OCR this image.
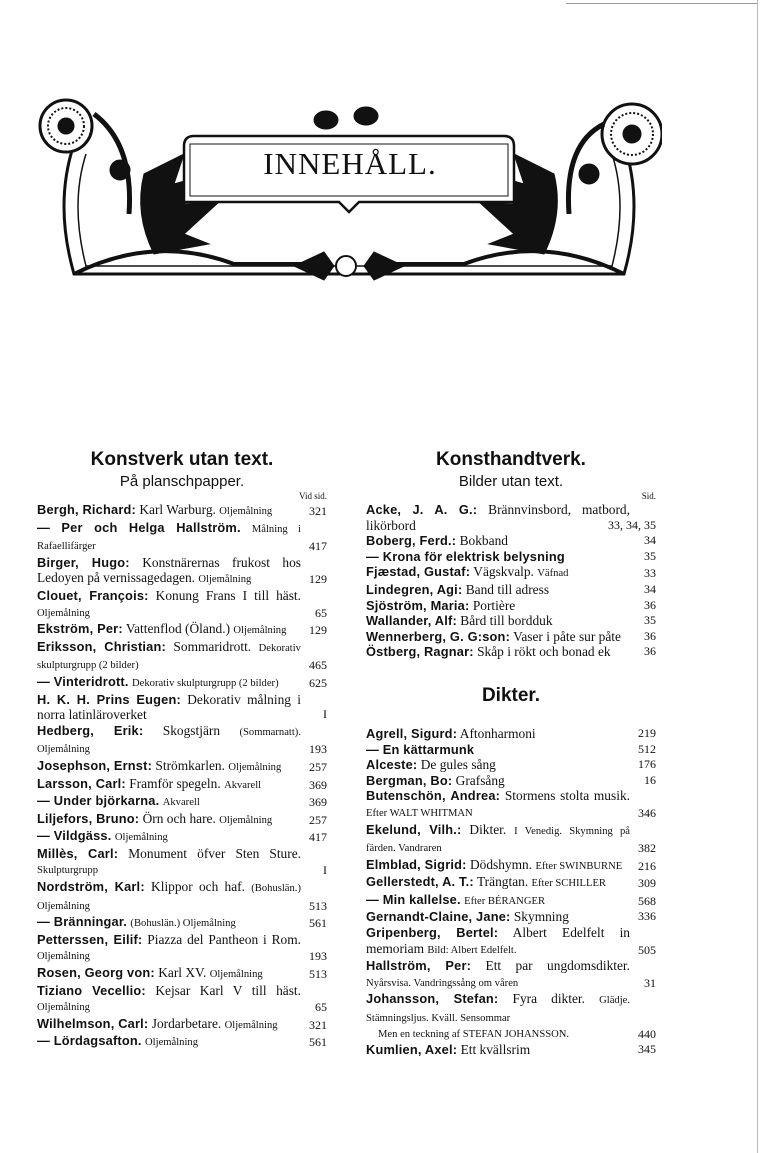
INNEHÅLL.
Konstverk utan text.

På planschpapper.

Vid sid.
Bergh, Richard: Karl Warburg. Oljemålning	321
— Per och Helga Hallström. Målning i Rafaellifärger	417
Birger, Hugo: Konstnärernas frukost hos Ledoyen på vernissagedagen. Oljemålning	129
Clouet, François: Konung Frans I till häst. Oljemålning	65
Ekström, Per: Vattenflod (Öland.) Oljemålning	129
Eriksson, Christian: Sommaridrott. Dekorativ skulpturgrupp (2 bilder)	465
— Vinteridrott. Dekorativ skulpturgrupp (2 bilder)	625
H. K. H. Prins Eugen: Dekorativ målning i norra latinläroverket	I
Hedberg, Erik: Skogstjärn (Sommarnatt). Oljemålning	193
Josephson, Ernst: Strömkarlen. Oljemålning	257
Larsson, Carl: Framför spegeln. Akvarell	369
— Under björkarna. Akvarell	369
Liljefors, Bruno: Örn och hare. Oljemålning	257
— Vildgäss. Oljemålning	417
Millès, Carl: Monument öfver Sten Sture. Skulpturgrupp	I
Nordström, Karl: Klippor och haf. (Bohuslän.) Oljemålning	513
— Bränningar. (Bohuslän.) Oljemålning	561
Petterssen, Eilif: Piazza del Pantheon i Rom. Oljemålning	193
Rosen, Georg von: Karl XV. Oljemålning	513
Tiziano Vecellio: Kejsar Karl V till häst. Oljemålning	65
Wilhelmson, Carl: Jordarbetare. Oljemålning	321
— Lördagsafton. Oljemålning	561
Konsthandtverk.

Bilder utan text.

Sid.
Acke, J. A. G.: Brännvinsbord, matbord, likörbord	33, 34, 35
Boberg, Ferd.: Bokband	34
— Krona för elektrisk belysning	35
Fjæstad, Gustaf: Vägskvalp. Väfnad	33
Lindegren, Agi: Band till adress	34
Sjöström, Maria: Portière	36
Wallander, Alf: Bård till bordduk	35
Wennerberg, G. G:son: Vaser i påte sur påte	36
Östberg, Ragnar: Skåp i rökt och bonad ek	36
Dikter.
Agrell, Sigurd: Aftonharmoni	219
— En kättarmunk	512
Alceste: De gules sång	176
Bergman, Bo: Grafsång	16
Butenschön, Andrea: Stormens stolta musik. Efter WALT WHITMAN	346
Ekelund, Vilh.: Dikter. I Venedig. Skymning på färden. Vandraren	382
Elmblad, Sigrid: Dödshymn. Efter SWINBURNE	216
Gellerstedt, A. T.: Trängtan. Efter SCHILLER	309
— Min kallelse. Efter BÉRANGER	568
Gernandt-Claine, Jane: Skymning	336
Gripenberg, Bertel: Albert Edelfelt in memoriam Bild: Albert Edelfelt.	505
Hallström, Per: Ett par ungdomsdikter. Nyårsvisa. Vandringssång om våren	31
Johansson, Stefan: Fyra dikter. Glädje. Stämningsljus. Kväll. Sensommar
Men en teckning af STEFAN JOHANSSON.	440
Kumlien, Axel: Ett kvällsrim	345
